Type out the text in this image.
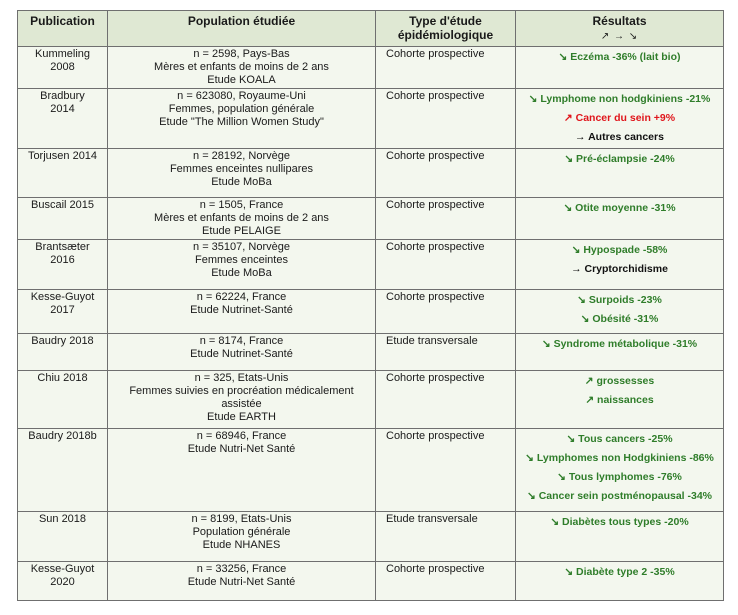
Publication	Population étudiée	Type d'étude
épidémiologique	Résultats
↗ → ↘
Kummeling
2008	n = 2598, Pays-Bas
Mères et enfants de moins de 2 ans
Etude KOALA	Cohorte prospective	↘ Eczéma -36% (lait bio)

Bradbury
2014	n = 623080, Royaume-Uni
Femmes, population générale
Etude "The Million Women Study"	Cohorte prospective	↘ Lymphome non hodgkiniens -21%
↗ Cancer du sein +9%
→ Autres cancers

Torjusen 2014	n = 28192, Norvège
Femmes enceintes nullipares
Etude MoBa	Cohorte prospective	↘ Pré-éclampsie -24%

Buscail 2015	n = 1505, France
Mères et enfants de moins de 2 ans
Etude PELAIGE	Cohorte prospective	↘ Otite moyenne -31%

Brantsæter
2016	n = 35107, Norvège
Femmes enceintes
Etude MoBa	Cohorte prospective	↘ Hypospade -58%
→ Cryptorchidisme

Kesse-Guyot
2017	n = 62224, France
Etude Nutrinet-Santé	Cohorte prospective	↘ Surpoids -23%
↘ Obésité -31%

Baudry 2018	n = 8174, France
Etude Nutrinet-Santé	Etude transversale	↘ Syndrome métabolique -31%

Chiu 2018	n = 325, Etats-Unis
Femmes suivies en procréation médicalement
assistée
Etude EARTH	Cohorte prospective	↗ grossesses
↗ naissances

Baudry 2018b	n = 68946, France
Etude Nutri-Net Santé	Cohorte prospective	↘ Tous cancers -25%
↘ Lymphomes non Hodgkiniens -86%
↘ Tous lymphomes -76%
↘ Cancer sein postménopausal -34%

Sun 2018	n = 8199, Etats-Unis
Population générale
Etude NHANES	Etude transversale	↘ Diabètes tous types -20%

Kesse-Guyot
2020	n = 33256, France
Etude Nutri-Net Santé	Cohorte prospective	↘ Diabète type 2 -35%
